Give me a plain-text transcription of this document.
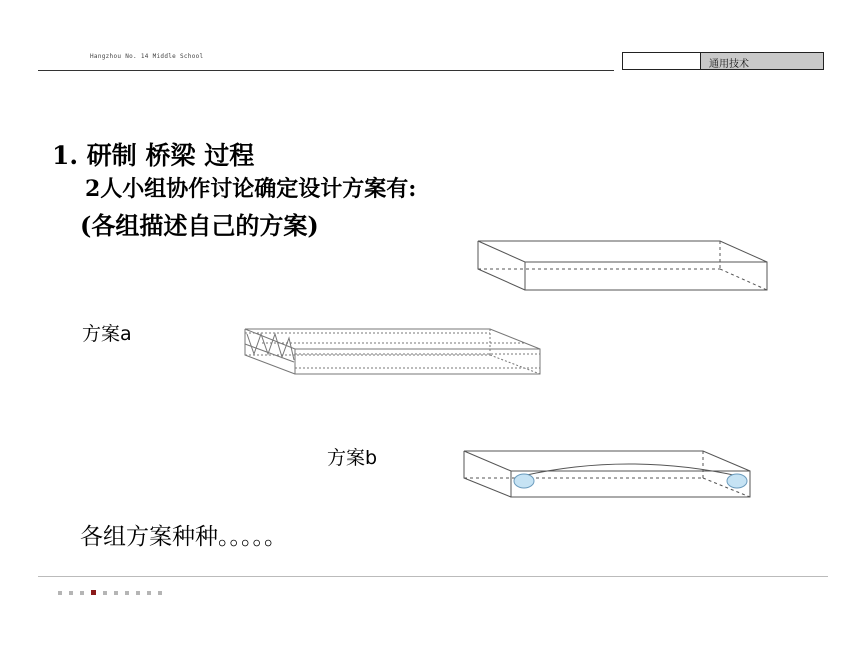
Hangzhou No. 14 Middle School
通用技术
1. 研制 桥梁 过程
2人小组协作讨论确定设计方案有:
(各组描述自己的方案)
方案a
方案b
各组方案种种。。。。。
